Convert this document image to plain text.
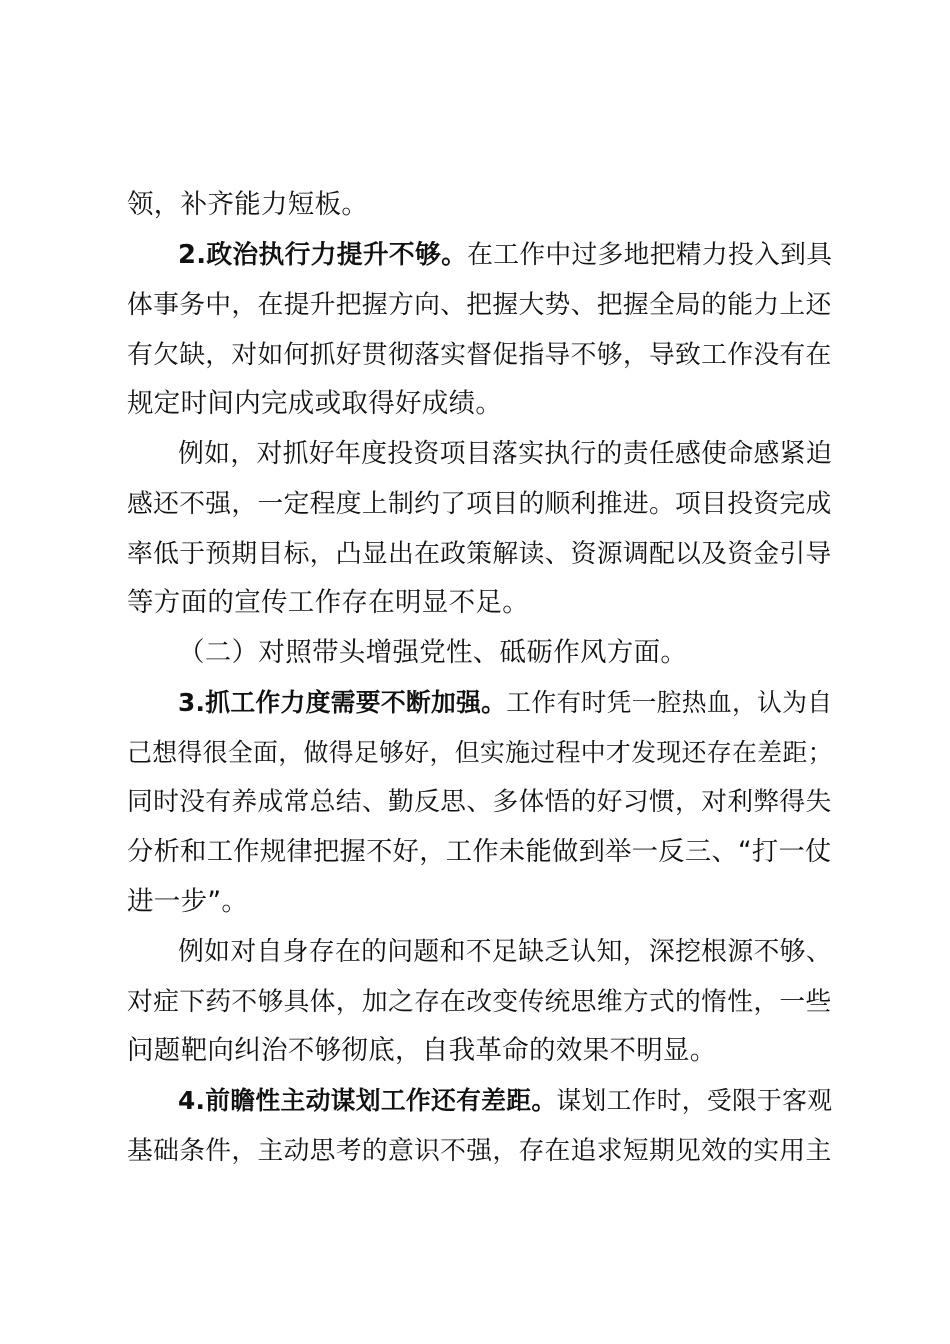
领，补齐能力短板。
2.政治执行力提升不够。在工作中过多地把精力投入到具
体事务中，在提升把握方向、把握大势、把握全局的能力上还
有欠缺，对如何抓好贯彻落实督促指导不够，导致工作没有在
规定时间内完成或取得好成绩。
例如，对抓好年度投资项目落实执行的责任感使命感紧迫
感还不强，一定程度上制约了项目的顺利推进。项目投资完成
率低于预期目标，凸显出在政策解读、资源调配以及资金引导
等方面的宣传工作存在明显不足。
（二）对照带头增强党性、砥砺作风方面。
3.抓工作力度需要不断加强。工作有时凭一腔热血，认为自
己想得很全面，做得足够好，但实施过程中才发现还存在差距；
同时没有养成常总结、勤反思、多体悟的好习惯，对利弊得失
分析和工作规律把握不好，工作未能做到举一反三、“打一仗
进一步”。
例如对自身存在的问题和不足缺乏认知，深挖根源不够、
对症下药不够具体，加之存在改变传统思维方式的惰性，一些
问题靶向纠治不够彻底，自我革命的效果不明显。
4.前瞻性主动谋划工作还有差距。谋划工作时，受限于客观
基础条件，主动思考的意识不强，存在追求短期见效的实用主
